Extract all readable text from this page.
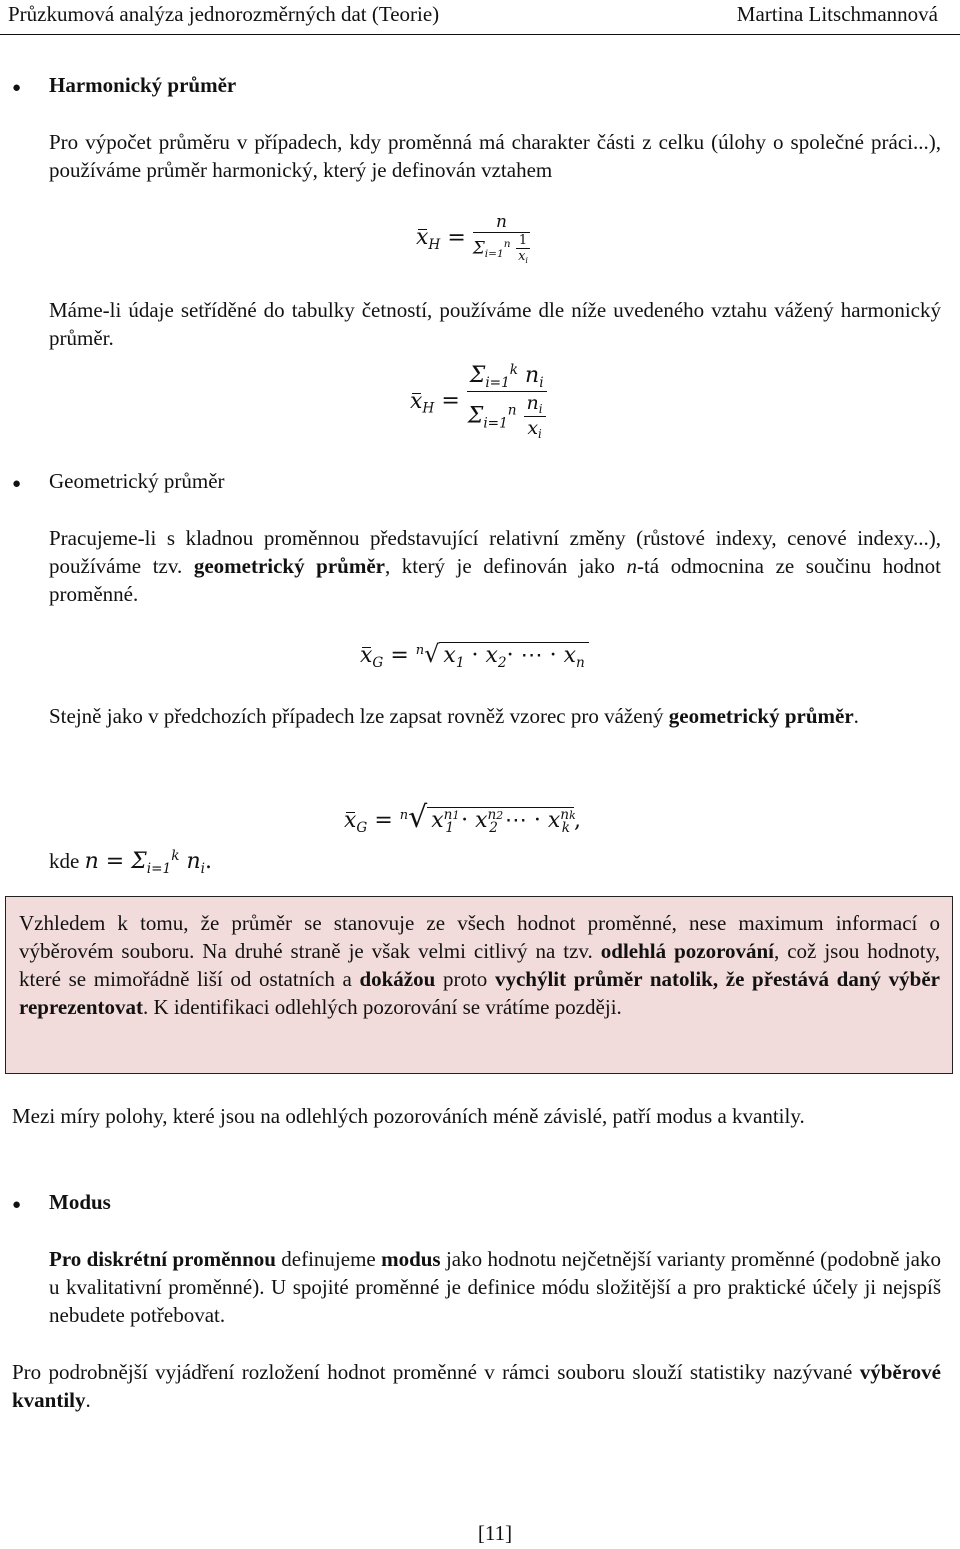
Průzkumová analýza jednorozměrných dat (Teorie)	Martina Litschmannová
● Harmonický průměr
Pro výpočet průměru v případech, kdy proměnná má charakter části z celku (úlohy o společné práci...), používáme průměr harmonický, který je definován vztahem
$x_H = \frac{n}{\Sigma_{i=1}^n \frac{1}{x_i}}$
Máme-li údaje setříděné do tabulky četností, používáme dle níže uvedeného vztahu vážený harmonický průměr.
$x_H$ =
$\Sigma_{i=1}^k$ $n_i$
$\Sigma_{i=1}^n \frac{n_i}{x_i}$
● Geometrický průměr
Pracujeme-li s kladnou proměnnou představující relativní změny (růstové indexy, cenové indexy...), používáme tzv. geometrický průměr, který je definován jako n-tá odmocnina ze součinu hodnot proměnné.
$x_G = ^n√$ $x_1 \cdot x_2\cdot$ ⋯ · $x_n$
Stejně jako v předchozích případech lze zapsat rovněž vzorec pro vážený geometrický průměr.
$x_G = ^n√$ $x^{n1}_1 \cdot x^{n2}_2$ ⋯ · $x^{nk}_k$ ,
kde $n = \Sigma_{i=1}^k$ $n_i$.
Vzhledem k tomu, že průměr se stanovuje ze všech hodnot proměnné, nese maximum informací o výběrovém souboru. Na druhé straně je však velmi citlivý na tzv. odlehlá pozorování, což jsou hodnoty, které se mimořádně liší od ostatních a dokážou proto vychýlit průměr natolik, že přestává daný výběr reprezentovat. K identifikaci odlehlých pozorování se vrátíme později.
Mezi míry polohy, které jsou na odlehlých pozorováních méně závislé, patří modus a kvantily.
● Modus
Pro diskrétní proměnnou definujeme modus jako hodnotu nejčetnější varianty proměnné (podobně jako u kvalitativní proměnné). U spojité proměnné je definice módu složitější a pro praktické účely ji nejspíš nebudete potřebovat.
Pro podrobnější vyjádření rozložení hodnot proměnné v rámci souboru slouží statistiky nazývané výběrové kvantily.
[11]
